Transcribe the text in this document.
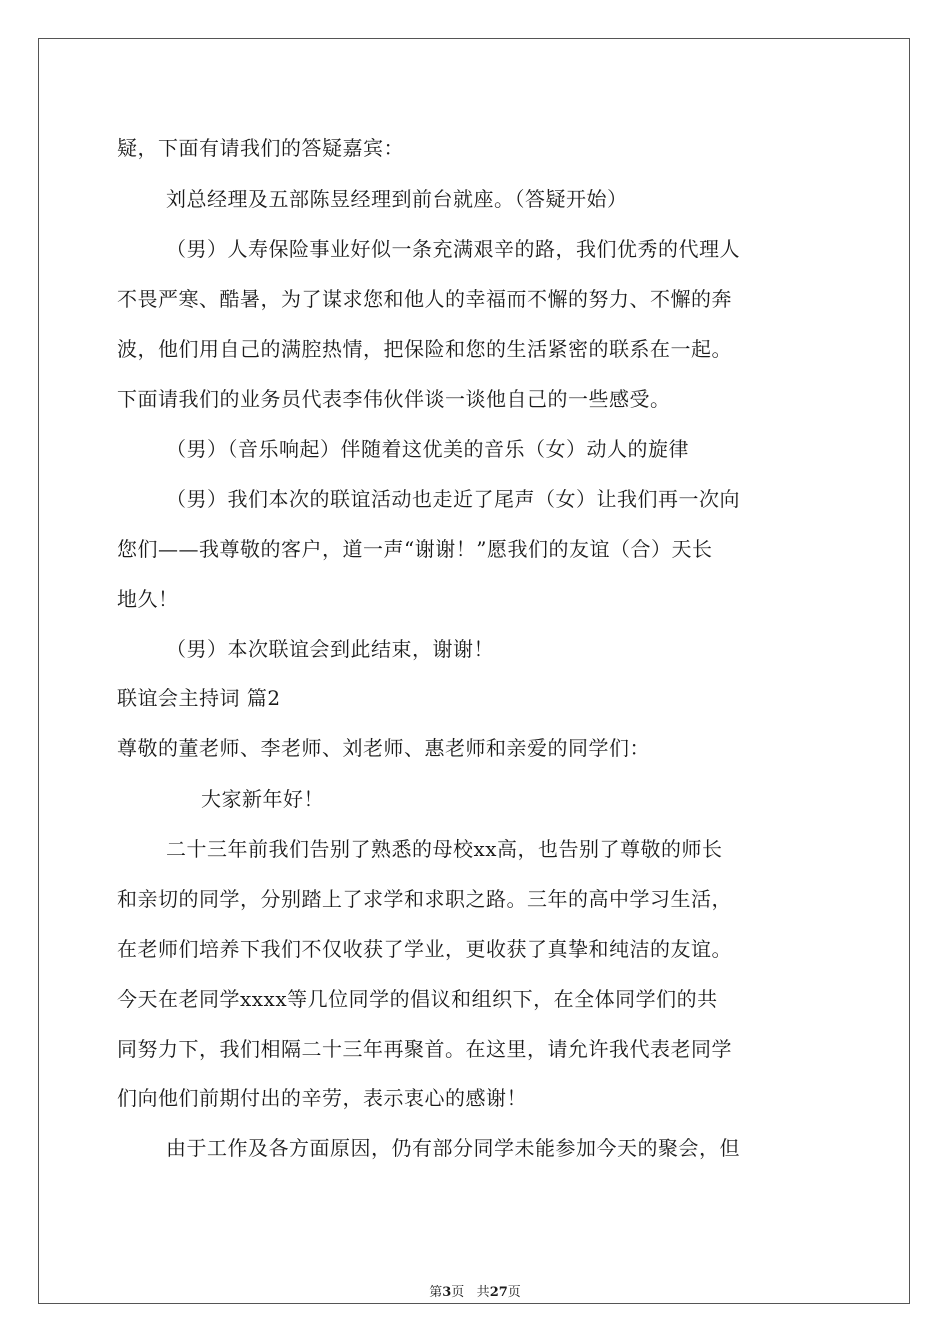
疑，下面有请我们的答疑嘉宾：
刘总经理及五部陈昱经理到前台就座。（答疑开始）
（男）人寿保险事业好似一条充满艰辛的路，我们优秀的代理人
不畏严寒、酷暑，为了谋求您和他人的幸福而不懈的努力、不懈的奔
波，他们用自己的满腔热情，把保险和您的生活紧密的联系在一起。
下面请我们的业务员代表李伟伙伴谈一谈他自己的一些感受。
（男）（音乐响起）伴随着这优美的音乐（女）动人的旋律
（男）我们本次的联谊活动也走近了尾声（女）让我们再一次向
您们——我尊敬的客户，道一声“谢谢！”愿我们的友谊（合）天长
地久！
（男）本次联谊会到此结束，谢谢！
联谊会主持词 篇2
尊敬的董老师、李老师、刘老师、惠老师和亲爱的同学们：
大家新年好！
二十三年前我们告别了熟悉的母校xx高，也告别了尊敬的师长
和亲切的同学，分别踏上了求学和求职之路。三年的高中学习生活，
在老师们培养下我们不仅收获了学业，更收获了真挚和纯洁的友谊。
今天在老同学xxxx等几位同学的倡议和组织下，在全体同学们的共
同努力下，我们相隔二十三年再聚首。在这里，请允许我代表老同学
们向他们前期付出的辛劳，表示衷心的感谢！
由于工作及各方面原因，仍有部分同学未能参加今天的聚会，但
第3页 共27页
